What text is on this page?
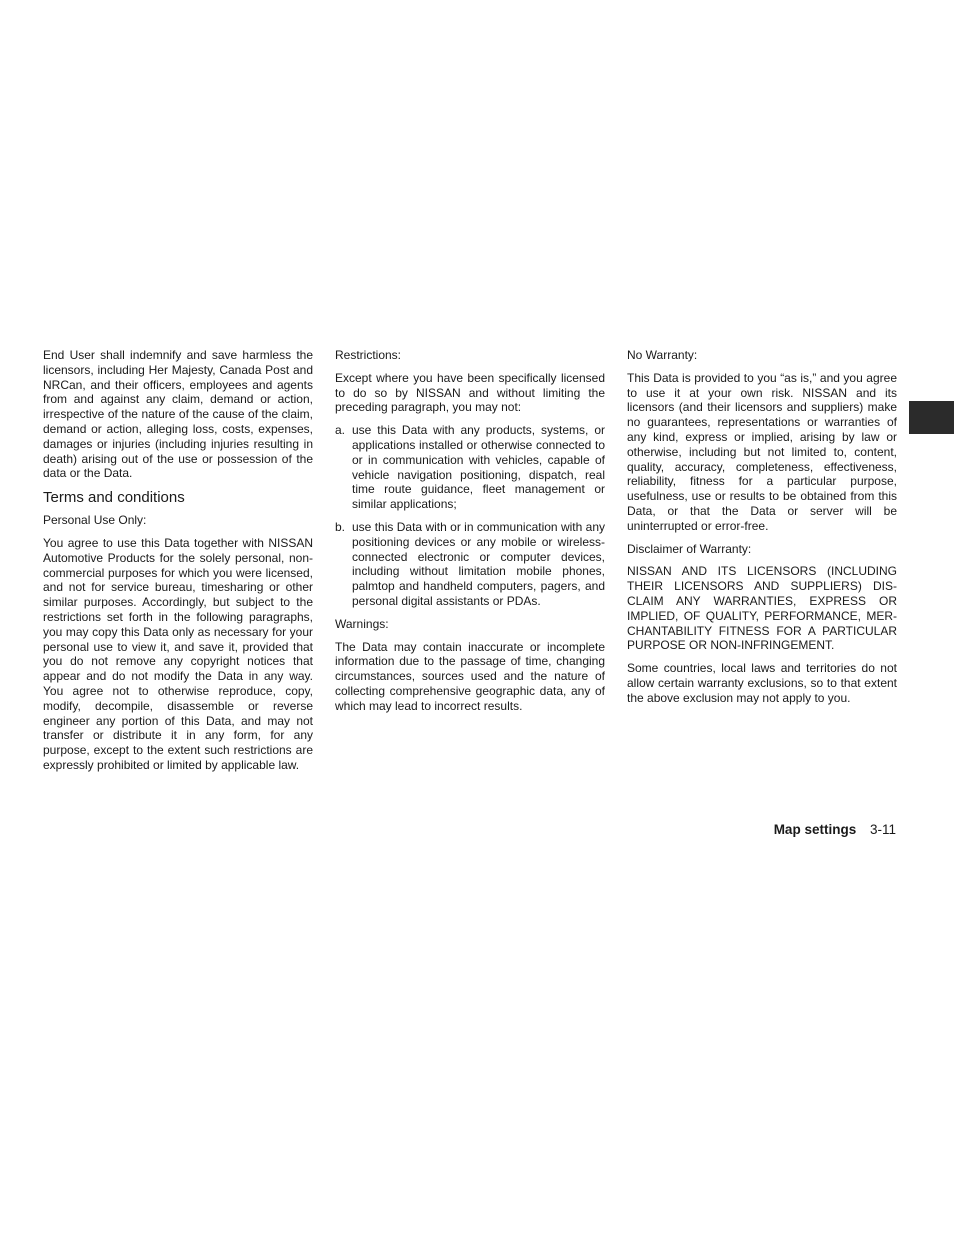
End User shall indemnify and save harmless the licensors, including Her Majesty, Canada Post and NRCan, and their officers, employees and agents from and against any claim, demand or action, irrespective of the nature of the cause of the claim, demand or action, alleging loss, costs, expenses, damages or injuries (including injuries resulting in death) arising out of the use or possession of the data or the Data.

Terms and conditions

Personal Use Only:

You agree to use this Data together with NISSAN Automotive Products for the solely personal, non-commercial purposes for which you were licensed, and not for service bureau, timesharing or other similar purposes. Accordingly, but subject to the restrictions set forth in the following paragraphs, you may copy this Data only as necessary for your personal use to view it, and save it, provided that you do not remove any copyright notices that appear and do not modify the Data in any way. You agree not to otherwise reproduce, copy, modify, decompile, disassemble or reverse engineer any portion of this Data, and may not transfer or distribute it in any form, for any purpose, except to the extent such restrictions are expressly prohibited or limited by applicable law.

Restrictions:

Except where you have been specifically licensed to do so by NISSAN and without limiting the preceding paragraph, you may not:

a. use this Data with any products, systems, or applications installed or otherwise connected to or in communication with vehicles, capable of vehicle navigation positioning, dispatch, real time route guidance, fleet management or similar applications;
b. use this Data with or in communication with any positioning devices or any mobile or wireless-connected electronic or computer devices, including without limitation mobile phones, palmtop and handheld computers, pagers, and personal digital assistants or PDAs.

Warnings:

The Data may contain inaccurate or incomplete information due to the passage of time, changing circumstances, sources used and the nature of collecting comprehensive geographic data, any of which may lead to incorrect results.

No Warranty:

This Data is provided to you “as is,” and you agree to use it at your own risk. NISSAN and its licensors (and their licensors and suppliers) make no guarantees, representations or warranties of any kind, express or implied, arising by law or otherwise, including but not limited to, content, quality, accuracy, completeness, effectiveness, reliability, fitness for a particular purpose, usefulness, use or results to be obtained from this Data, or that the Data or server will be uninterrupted or error-free.

Disclaimer of Warranty:

NISSAN AND ITS LICENSORS (INCLUDING THEIR LICENSORS AND SUPPLIERS) DISCLAIM ANY WARRANTIES, EXPRESS OR IMPLIED, OF QUALITY, PERFORMANCE, MERCHANTABILITY FITNESS FOR A PARTICULAR PURPOSE OR NON-INFRINGEMENT.

Some countries, local laws and territories do not allow certain warranty exclusions, so to that extent the above exclusion may not apply to you.

Map settings 3-11
